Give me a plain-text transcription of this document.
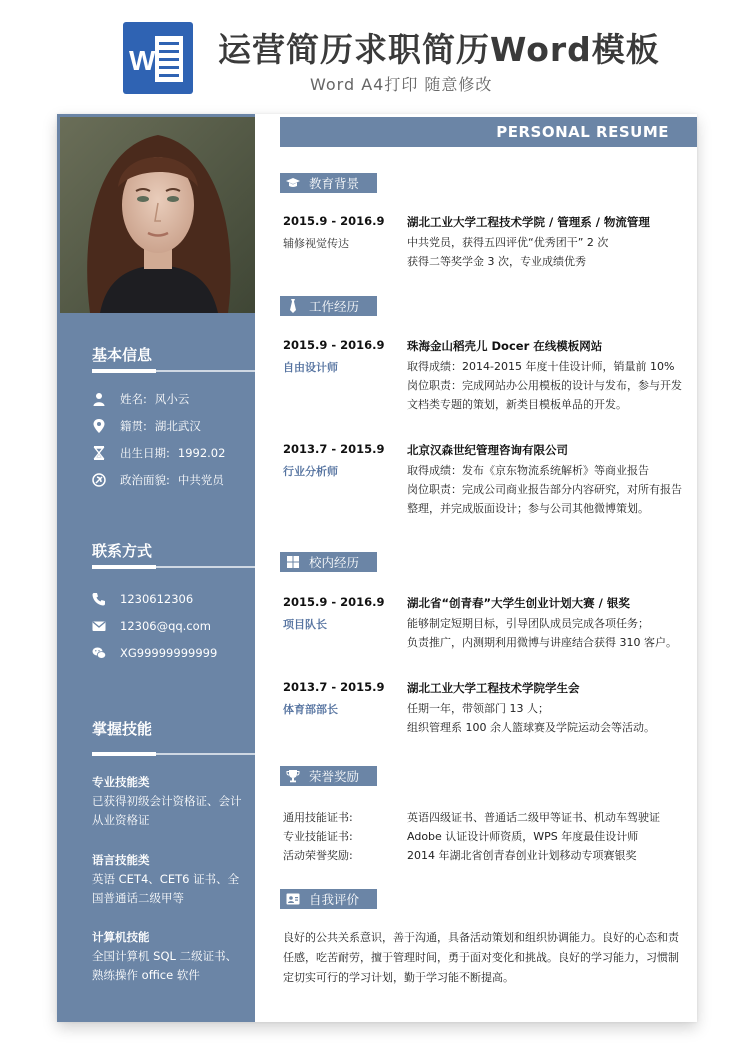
W 运营简历求职简历Word模板
Word A4打印 随意修改
基本信息
姓名: 风小云
籍贯: 湖北武汉
出生日期: 1992.02
政治面貌: 中共党员
联系方式
1230612306
12306@qq.com
XG99999999999
掌握技能
专业技能类
已获得初级会计资格证、会计从业资格证
语言技能类
英语 CET4、CET6 证书、全国普通话二级甲等
计算机技能
全国计算机 SQL 二级证书、熟练操作 office 软件
PERSONAL RESUME
教育背景
2015.9 - 2016.9 湖北工业大学工程技术学院 / 管理系 / 物流管理
辅修视觉传达	中共党员，获得五四评优“优秀团干” 2 次
获得二等奖学金 3 次，专业成绩优秀
工作经历
2015.9 - 2016.9 珠海金山稻壳儿 Docer 在线模板网站
自由设计师	取得成绩：2014-2015 年度十佳设计师，销量前 10%
岗位职责：完成网站办公用模板的设计与发布，参与开发文档类专题的策划，新类目模板单品的开发。
2013.7 - 2015.9 北京汉森世纪管理咨询有限公司
行业分析师	取得成绩：发布《京东物流系统解析》等商业报告
岗位职责：完成公司商业报告部分内容研究，对所有报告整理，并完成版面设计；参与公司其他微博策划。
校内经历
2015.9 - 2016.9 湖北省“创青春”大学生创业计划大赛 / 银奖
项目队长	能够制定短期目标，引导团队成员完成各项任务；
负责推广，内测期利用微博与讲座结合获得 310 客户。
2013.7 - 2015.9 湖北工业大学工程技术学院学生会
体育部部长	任期一年，带领部门 13 人；
组织管理系 100 余人篮球赛及学院运动会等活动。
荣誉奖励
通用技能证书:	英语四级证书、普通话二级甲等证书、机动车驾驶证
专业技能证书:	Adobe 认证设计师资质，WPS 年度最佳设计师
活动荣誉奖励:	2014 年湖北省创青春创业计划移动专项赛银奖
自我评价
良好的公共关系意识，善于沟通，具备活动策划和组织协调能力。良好的心态和责任感，吃苦耐劳，擅于管理时间，勇于面对变化和挑战。良好的学习能力，习惯制定切实可行的学习计划，勤于学习能不断提高。
